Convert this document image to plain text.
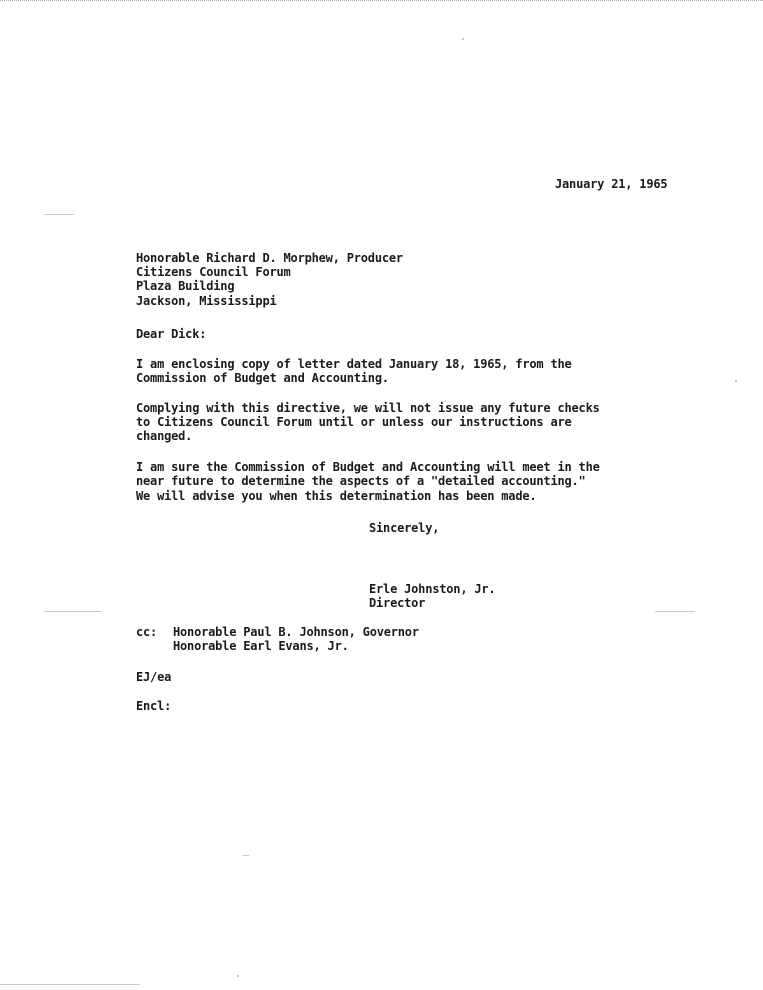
January 21, 1965
Honorable Richard D. Morphew, Producer
Citizens Council Forum
Plaza Building
Jackson, Mississippi
Dear Dick:
I am enclosing copy of letter dated January 18, 1965, from the
Commission of Budget and Accounting.
Complying with this directive, we will not issue any future checks
to Citizens Council Forum until or unless our instructions are
changed.
I am sure the Commission of Budget and Accounting will meet in the
near future to determine the aspects of a "detailed accounting."
We will advise you when this determination has been made.
Sincerely,
Erle Johnston, Jr.
Director
cc: Honorable Paul B. Johnson, Governor
Honorable Earl Evans, Jr.
EJ/ea
Encl:
